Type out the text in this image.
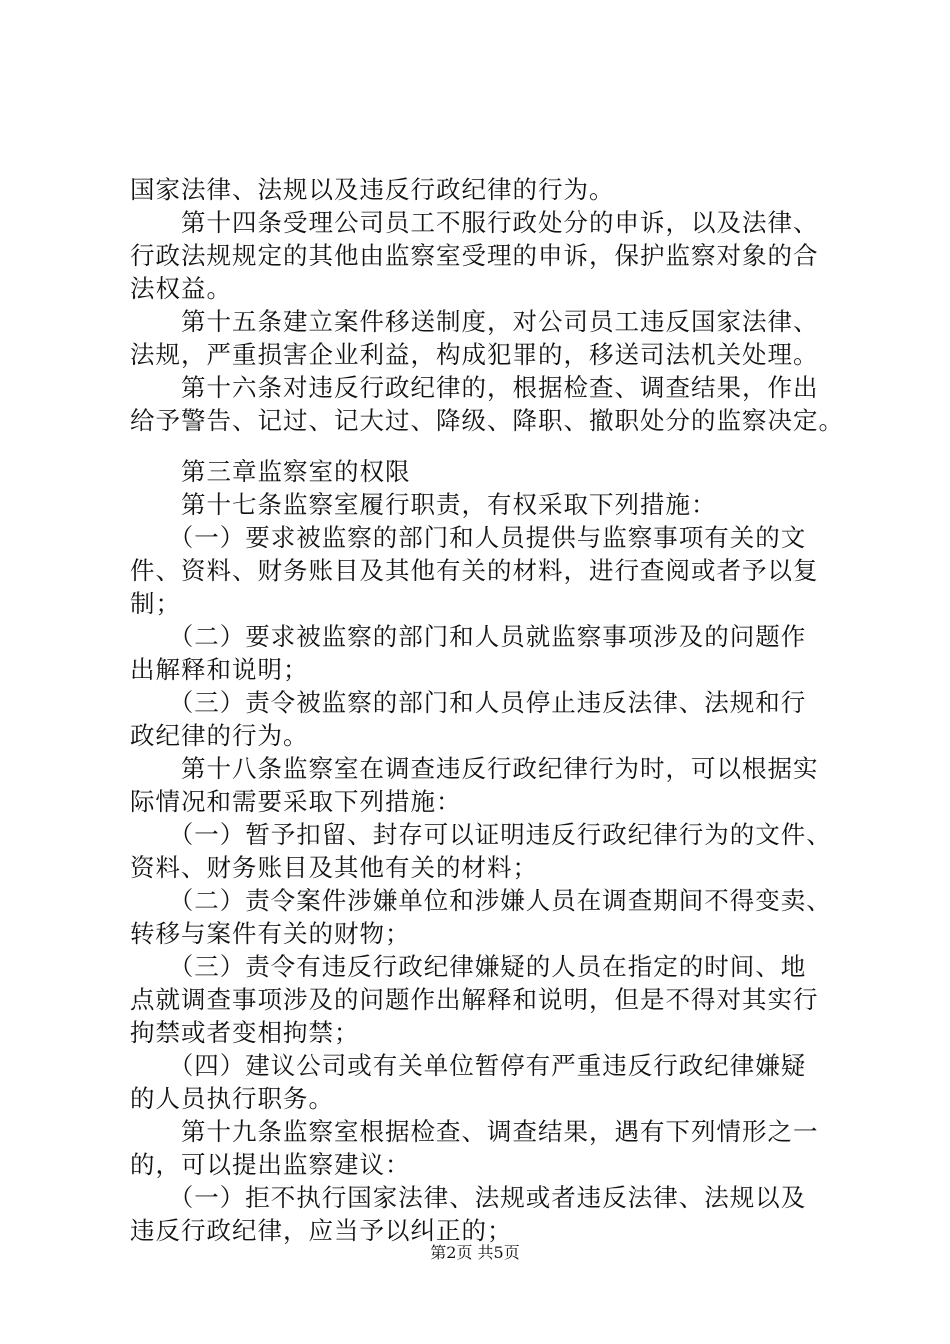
国家法律、法规以及违反行政纪律的行为。
　　第十四条受理公司员工不服行政处分的申诉，以及法律、
行政法规规定的其他由监察室受理的申诉，保护监察对象的合
法权益。
　　第十五条建立案件移送制度，对公司员工违反国家法律、
法规，严重损害企业利益，构成犯罪的，移送司法机关处理。
　　第十六条对违反行政纪律的，根据检查、调查结果，作出
给予警告、记过、记大过、降级、降职、撤职处分的监察决定。
　　第三章监察室的权限
　　第十七条监察室履行职责，有权采取下列措施：
　　（一）要求被监察的部门和人员提供与监察事项有关的文
件、资料、财务账目及其他有关的材料，进行查阅或者予以复
制；
　　（二）要求被监察的部门和人员就监察事项涉及的问题作
出解释和说明；
　　（三）责令被监察的部门和人员停止违反法律、法规和行
政纪律的行为。
　　第十八条监察室在调查违反行政纪律行为时，可以根据实
际情况和需要采取下列措施：
　　（一）暂予扣留、封存可以证明违反行政纪律行为的文件、
资料、财务账目及其他有关的材料；
　　（二）责令案件涉嫌单位和涉嫌人员在调查期间不得变卖、
转移与案件有关的财物；
　　（三）责令有违反行政纪律嫌疑的人员在指定的时间、地
点就调查事项涉及的问题作出解释和说明，但是不得对其实行
拘禁或者变相拘禁；
　　（四）建议公司或有关单位暂停有严重违反行政纪律嫌疑
的人员执行职务。
　　第十九条监察室根据检查、调查结果，遇有下列情形之一
的，可以提出监察建议：
　　（一）拒不执行国家法律、法规或者违反法律、法规以及
违反行政纪律，应当予以纠正的；
第2页 共5页
